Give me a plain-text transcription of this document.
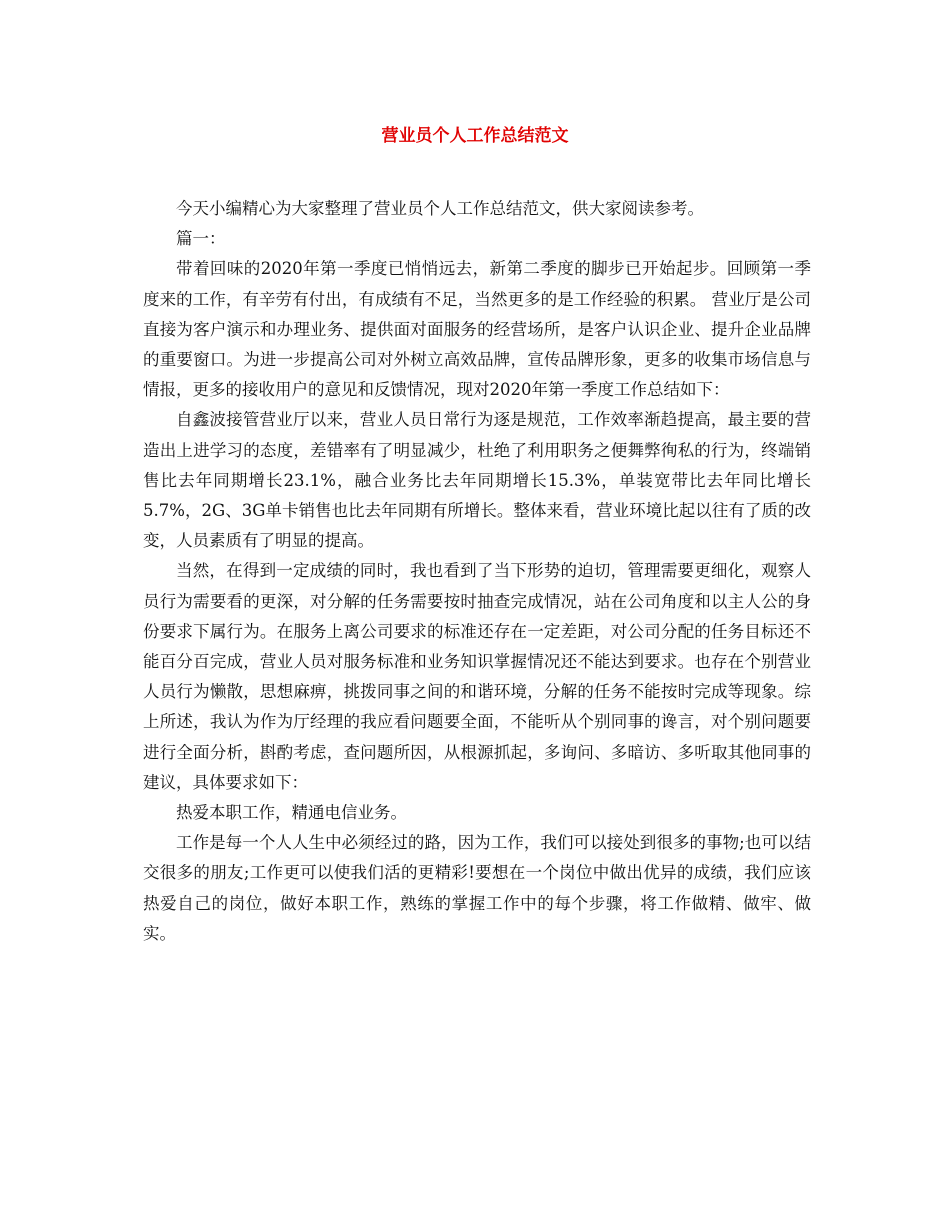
营业员个人工作总结范文

今天小编精心为大家整理了营业员个人工作总结范文，供大家阅读参考。

篇一：

带着回味的2020年第一季度已悄悄远去，新第二季度的脚步已开始起步。回顾第一季度来的工作，有辛劳有付出，有成绩有不足，当然更多的是工作经验的积累。 营业厅是公司直接为客户演示和办理业务、提供面对面服务的经营场所，是客户认识企业、提升企业品牌的重要窗口。为进一步提高公司对外树立高效品牌，宣传品牌形象，更多的收集市场信息与情报，更多的接收用户的意见和反馈情况，现对2020年第一季度工作总结如下：

自鑫波接管营业厅以来，营业人员日常行为逐是规范，工作效率渐趋提高，最主要的营造出上进学习的态度，差错率有了明显减少，杜绝了利用职务之便舞弊徇私的行为，终端销售比去年同期增长23.1%，融合业务比去年同期增长15.3%，单装宽带比去年同比增长5.7%，2G、3G单卡销售也比去年同期有所增长。整体来看，营业环境比起以往有了质的改变，人员素质有了明显的提高。

当然，在得到一定成绩的同时，我也看到了当下形势的迫切，管理需要更细化，观察人员行为需要看的更深，对分解的任务需要按时抽查完成情况，站在公司角度和以主人公的身份要求下属行为。在服务上离公司要求的标准还存在一定差距，对公司分配的任务目标还不能百分百完成，营业人员对服务标准和业务知识掌握情况还不能达到要求。也存在个别营业人员行为懒散，思想麻痹，挑拨同事之间的和谐环境，分解的任务不能按时完成等现象。综上所述，我认为作为厅经理的我应看问题要全面，不能听从个别同事的谗言，对个别问题要进行全面分析，斟酌考虑，查问题所因，从根源抓起，多询问、多暗访、多听取其他同事的建议，具体要求如下：

热爱本职工作，精通电信业务。

工作是每一个人人生中必须经过的路，因为工作，我们可以接处到很多的事物;也可以结交很多的朋友;工作更可以使我们活的更精彩!要想在一个岗位中做出优异的成绩，我们应该热爱自己的岗位，做好本职工作，熟练的掌握工作中的每个步骤，将工作做精、做牢、做实。
